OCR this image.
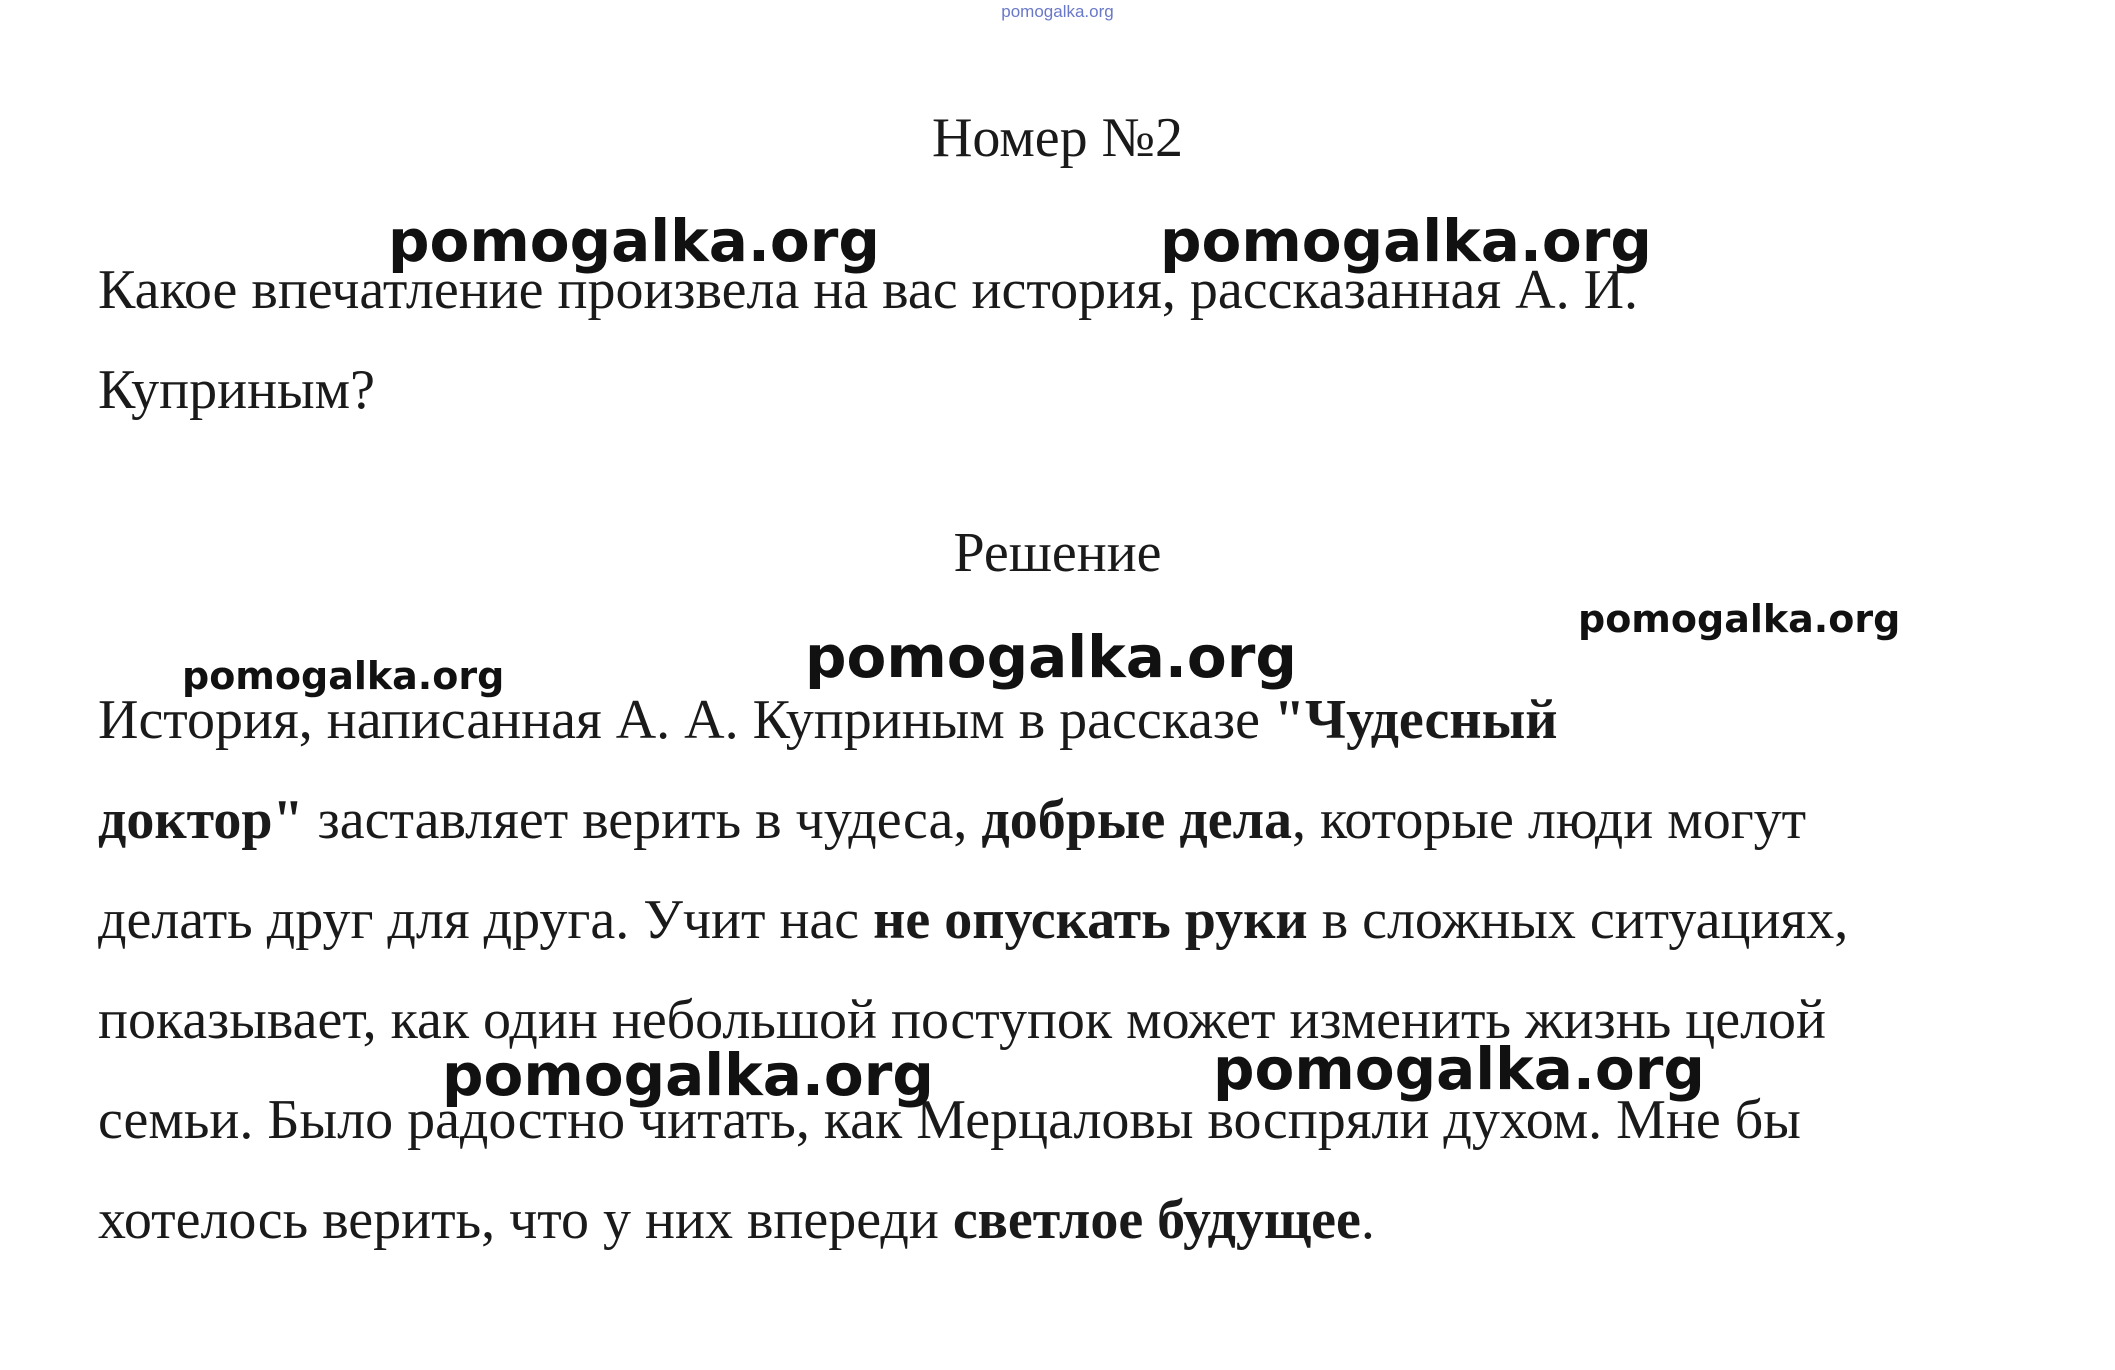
pomogalka.org
Номер №2
Какое впечатление произвела на вас история, рассказанная А. И.
Куприным?
Решение
История, написанная А. А. Куприным в рассказе "Чудесный
доктор" заставляет верить в чудеса, добрые дела, которые люди могут
делать друг для друга. Учит нас не опускать руки в сложных ситуациях,
показывает, как один небольшой поступок может изменить жизнь целой
семьи. Было радостно читать, как Мерцаловы воспряли духом. Мне бы
хотелось верить, что у них впереди светлое будущее.
pomogalka.org	pomogalka.org
pomogalka.org
pomogalka.org
pomogalka.org
pomogalka.org	pomogalka.org
